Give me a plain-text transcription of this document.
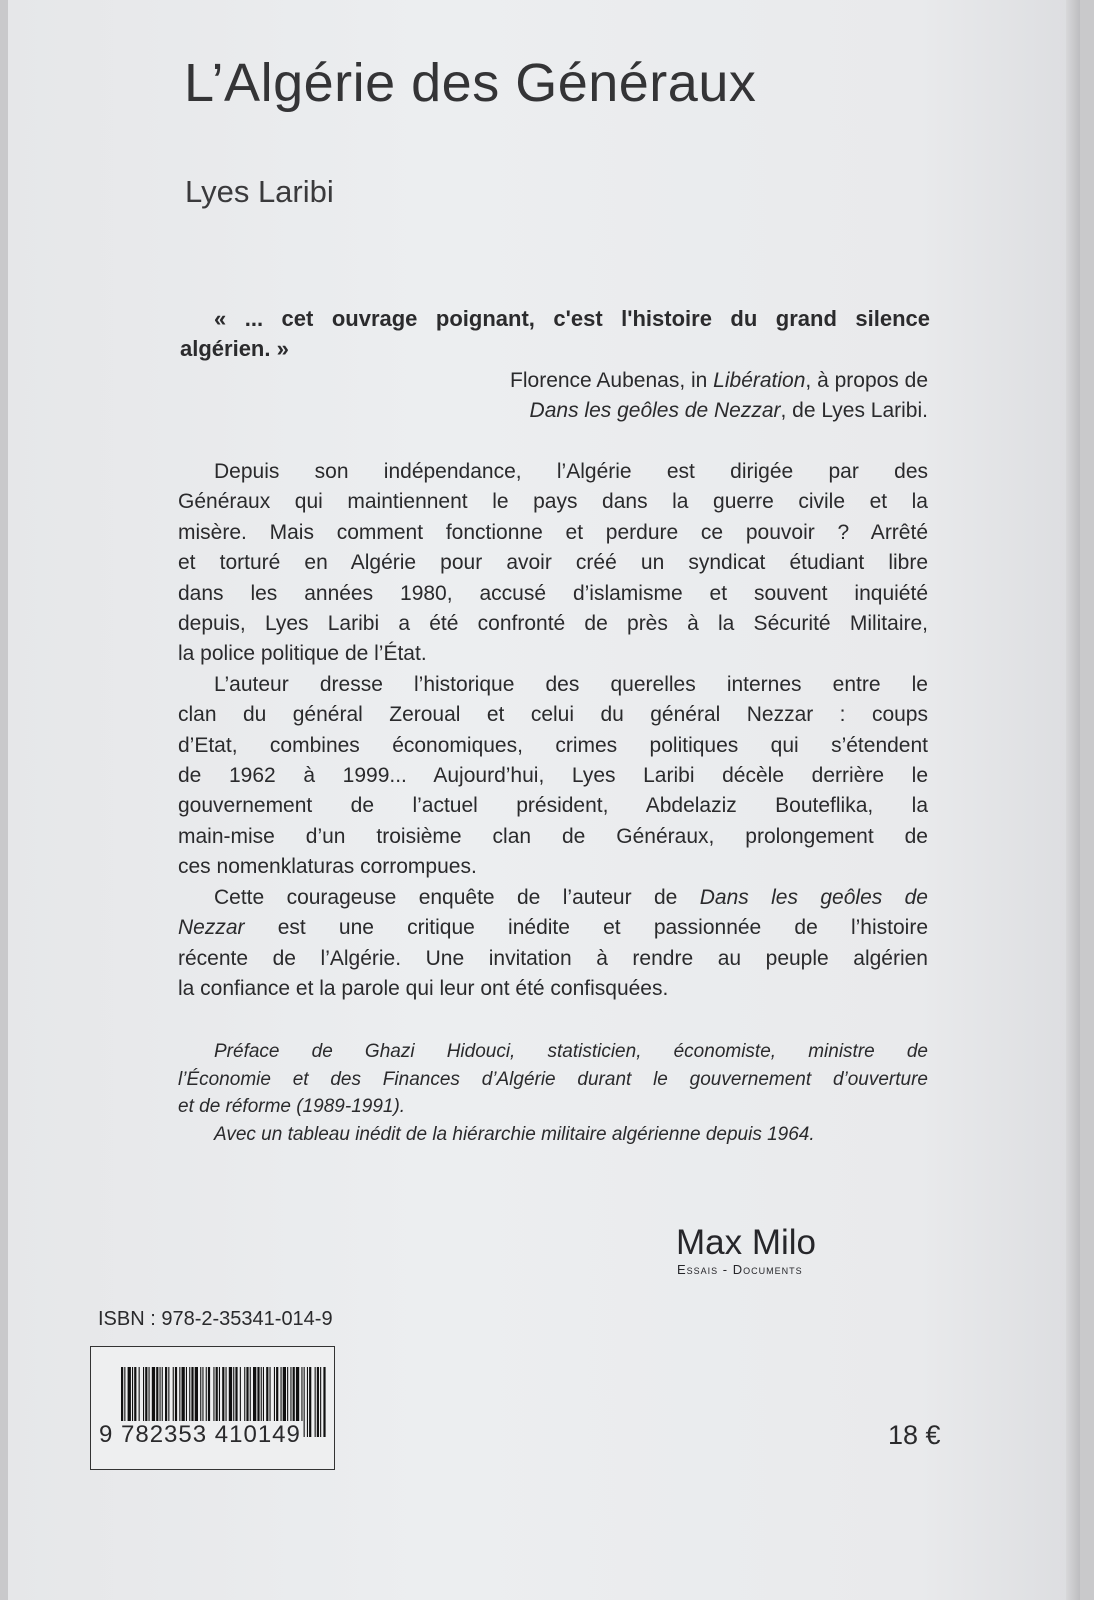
L’Algérie des Généraux
Lyes Laribi
« ... cet ouvrage poignant, c'est l'histoire du grand silence
algérien. »
Florence Aubenas, in Libération, à propos de
Dans les geôles de Nezzar, de Lyes Laribi.
Depuis son indépendance, l’Algérie est dirigée par des
Généraux qui maintiennent le pays dans la guerre civile et la
misère. Mais comment fonctionne et perdure ce pouvoir ? Arrêté
et torturé en Algérie pour avoir créé un syndicat étudiant libre
dans les années 1980, accusé d’islamisme et souvent inquiété
depuis, Lyes Laribi a été confronté de près à la Sécurité Militaire,
la police politique de l’État.
L’auteur dresse l’historique des querelles internes entre le
clan du général Zeroual et celui du général Nezzar : coups
d’Etat, combines économiques, crimes politiques qui s’étendent
de 1962 à 1999... Aujourd’hui, Lyes Laribi décèle derrière le
gouvernement de l’actuel président, Abdelaziz Bouteflika, la
main-mise d’un troisième clan de Généraux, prolongement de
ces nomenklaturas corrompues.
Cette courageuse enquête de l’auteur de Dans les geôles de
Nezzar est une critique inédite et passionnée de l’histoire
récente de l’Algérie. Une invitation à rendre au peuple algérien
la confiance et la parole qui leur ont été confisquées.
Préface de Ghazi Hidouci, statisticien, économiste, ministre de
l’Économie et des Finances d’Algérie durant le gouvernement d’ouverture
et de réforme (1989-1991).
Avec un tableau inédit de la hiérarchie militaire algérienne depuis 1964.
Max Milo
Essais - Documents
ISBN : 978-2-35341-014-9
9 782353 410149	18 €
